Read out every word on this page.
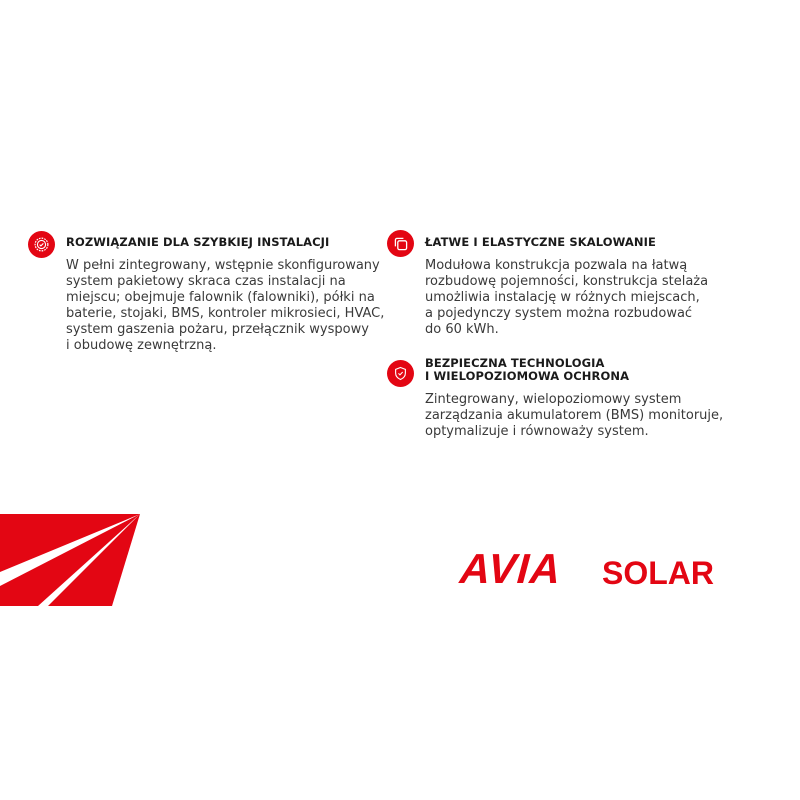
ROZWIĄZANIE DLA SZYBKIEJ INSTALACJI
W pełni zintegrowany, wstępnie skonfigurowany
system pakietowy skraca czas instalacji na
miejscu; obejmuje falownik (falowniki), półki na
baterie, stojaki, BMS, kontroler mikrosieci, HVAC,
system gaszenia pożaru, przełącznik wyspowy
i obudowę zewnętrzną.
ŁATWE I ELASTYCZNE SKALOWANIE
Modułowa konstrukcja pozwala na łatwą
rozbudowę pojemności, konstrukcja stelaża
umożliwia instalację w różnych miejscach,
a pojedynczy system można rozbudować
do 60 kWh.
BEZPIECZNA TECHNOLOGIA
I WIELOPOZIOMOWA OCHRONA
Zintegrowany, wielopoziomowy system
zarządzania akumulatorem (BMS) monitoruje,
optymalizuje i równoważy system.
AVIA SOLAR
